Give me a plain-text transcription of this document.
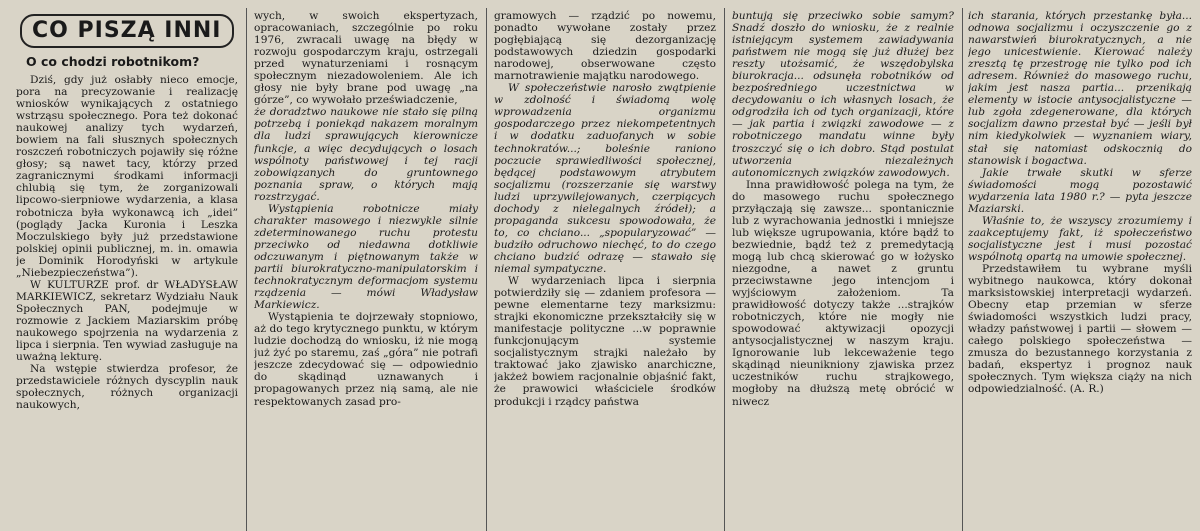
CO PISZĄ INNI
O co chodzi robotnikom?

Dziś, gdy już osłabły nieco emocje, pora na precyzowanie i realizację wniosków wynikających z ostatniego wstrząsu społecznego. Pora też dokonać naukowej analizy tych wydarzeń, bowiem na fali słusznych społecznych roszczeń robotniczych pojawiły się różne głosy; są nawet tacy, którzy przed zagranicznymi środkami informacji chlubią się tym, że zorganizowali lipcowo-sierpniowe wydarzenia, a klasa robotnicza była wykonawcą ich „idei” (poglądy Jacka Kuronia i Leszka Moczulskiego były już przedstawione polskiej opinii publicznej, m. in. omawia je Dominik Horodyński w artykule „Niebezpieczeństwa”).

W KULTURZE prof. dr WŁADYSŁAW MARKIEWICZ, sekretarz Wydziału Nauk Społecznych PAN, podejmuje w rozmowie z Jackiem Maziarskim próbę naukowego spojrzenia na wydarzenia z lipca i sierpnia. Ten wywiad zasługuje na uważną lekturę.

Na wstępie stwierdza profesor, że przedstawiciele różnych dyscyplin nauk społecznych, różnych organizacji naukowych,

wych, w swoich ekspertyzach, opracowaniach, szczególnie po roku 1976, zwracali uwagę na błędy w rozwoju gospodarczym kraju, ostrzegali przed wynaturzeniami i rosnącym społecznym niezadowoleniem. Ale ich głosy nie były brane pod uwagę „na górze”, co wywołało przeświadczenie,

że doradztwo naukowe nie stało się pilną potrzebą i poniekąd nakazem moralnym dla ludzi sprawujących kierownicze funkcje, a więc decydujących o losach wspólnoty państwowej i tej racji zobowiązanych do gruntownego poznania spraw, o których mają rozstrzygać.

Wystąpienia robotnicze miały charakter masowego i niezwykle silnie zdeterminowanego ruchu protestu przeciwko od niedawna dotkliwie odczuwanym i piętnowanym także w partii biurokratyczno-manipulatorskim i technokratycznym deformacjom systemu rządzenia — mówi Władysław Markiewicz.

Wystąpienia te dojrzewały stopniowo, aż do tego krytycznego punktu, w którym ludzie dochodzą do wniosku, iż nie mogą już żyć po staremu, zaś „góra” nie potrafi jeszcze zdecydować się — odpowiednio do skądinąd uznawanych i propagowanych przez nią samą, ale nie respektowanych zasad pro-

gramowych — rządzić po nowemu, ponadto wywołane zostały przez pogłębiającą się dezorganizację podstawowych dziedzin gospodarki narodowej, obserwowane często marnotrawienie majątku narodowego.

W społeczeństwie narosło zwątpienie w zdolność i świadomą wolę wprowadzenia organizmu gospodarczego przez niekompetentnych i w dodatku zaduofanych w sobie technokratów...; boleśnie raniono poczucie sprawiedliwości społecznej, będącej podstawowym atrybutem socjalizmu (rozszerzanie się warstwy ludzi uprzywilejowanych, czerpiących dochody z nielegalnych źródeł); a propaganda sukcesu spowodowała, że to, co chciano... „spopularyzować” — budziło odruchowo niechęć, to do czego chciano budzić odrazę — stawało się niemal sympatyczne.

W wydarzeniach lipca i sierpnia potwierdziły się — zdaniem profesora — pewne elementarne tezy marksizmu: strajki ekonomiczne przekształciły się w manifestacje polityczne ...w poprawnie funkcjonującym systemie socjalistycznym strajki należało by traktować jako zjawisko anarchiczne, jakżeż bowiem racjonalnie objaśnić fakt, że prawowici właściciele środków produkcji i rządcy państwa

buntują się przeciwko sobie samym? Snadź doszło do wniosku, że z realnie istniejącym systemem zawiadywania państwem nie mogą się już dłużej bez reszty utożsamić, że wszędobylska biurokracja... odsunęła robotników od bezpośredniego uczestnictwa w decydowaniu o ich własnych losach, że odgrodziła ich od tych organizacji, które — jak partia i związki zawodowe — z robotniczego mandatu winne były troszczyć się o ich dobro. Stąd postulat utworzenia niezależnych autonomicznych związków zawodowych.

Inna prawidłowość polega na tym, że do masowego ruchu społecznego przyłączają się zawsze... spontanicznie lub z wyrachowania jednostki i mniejsze lub większe ugrupowania, które bądź to bezwiednie, bądź też z premedytacją mogą lub chcą skierować go w łożysko niezgodne, a nawet z gruntu przeciwstawne jego intencjom i wyjściowym założeniom. Ta prawidłowość dotyczy także ...strajków robotniczych, które nie mogły nie spowodować aktywizacji opozycji antysocjalistycznej w naszym kraju. Ignorowanie lub lekceważenie tego skądinąd nieunikniony zjawiska przez uczestników ruchu strajkowego, mogłoby na dłuższą metę obrócić w niwecz

ich starania, których przestankę była... odnowa socjalizmu i oczyszczenie go z nawarstwień biurokratycznych, a nie jego unicestwienie. Kierować należy zresztą tę przestrogę nie tylko pod ich adresem. Również do masowego ruchu, jakim jest nasza partia... przenikają elementy w istocie antysocjalistyczne — lub zgoła zdegenerowane, dla których socjalizm dawno przestał być — jeśli był nim kiedykolwiek — wyznaniem wiary, stał się natomiast odskocznią do stanowisk i bogactwa.

Jakie trwałe skutki w sferze świadomości mogą pozostawić wydarzenia lata 1980 r.? — pyta jeszcze Maziarski.

Właśnie to, że wszyscy zrozumiemy i zaakceptujemy fakt, iż społeczeństwo socjalistyczne jest i musi pozostać wspólnotą opartą na umowie społecznej.

Przedstawiłem tu wybrane myśli wybitnego naukowca, który dokonał marksistowskiej interpretacji wydarzeń. Obecny etap przemian w sferze świadomości wszystkich ludzi pracy, władzy państwowej i partii — słowem — całego polskiego społeczeństwa — zmusza do bezustannego korzystania z badań, ekspertyz i prognoz nauk społecznych. Tym większa ciąży na nich odpowiedzialność. (A. R.)
